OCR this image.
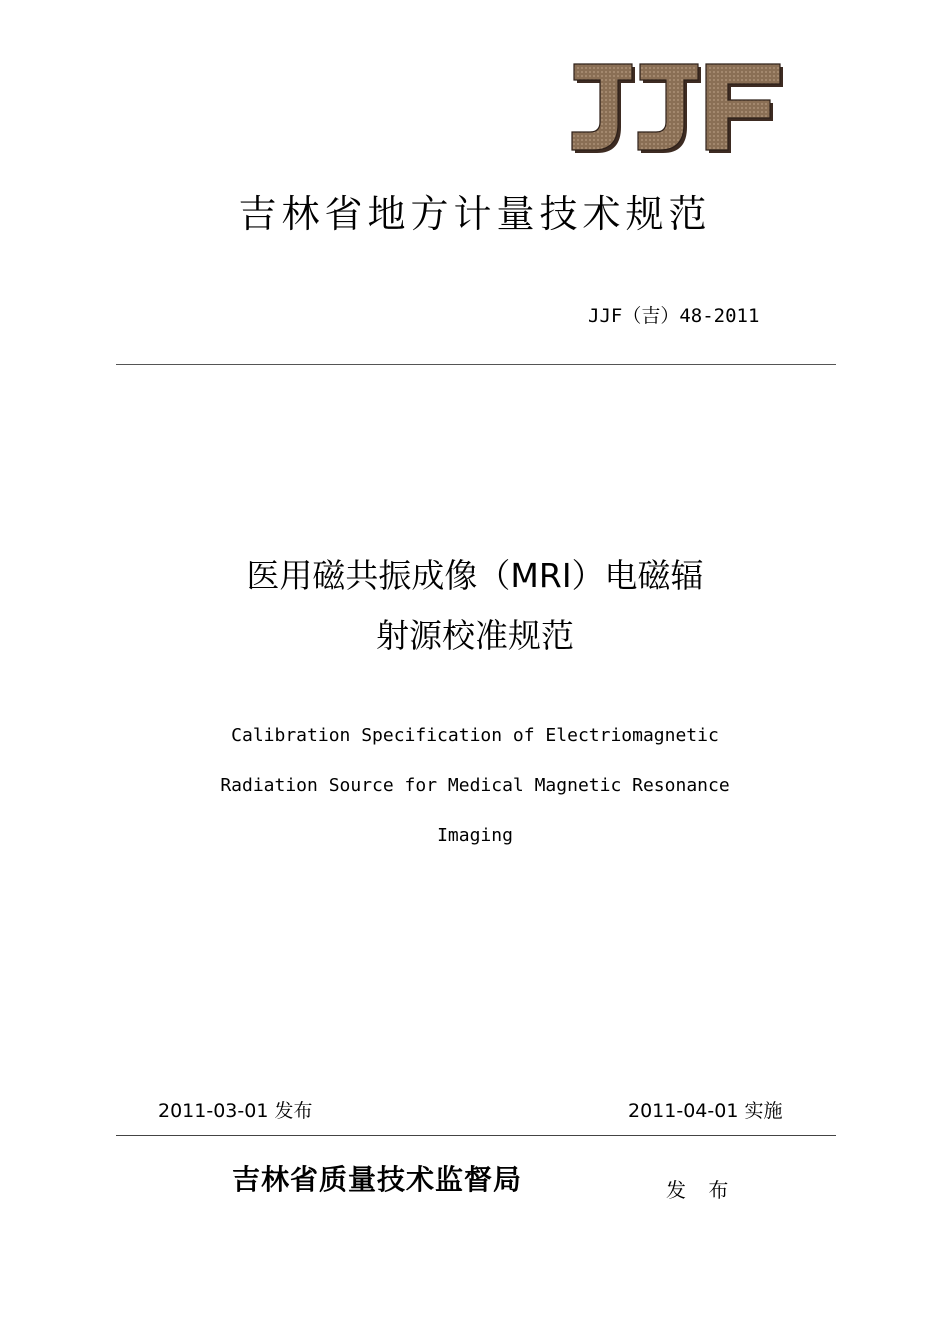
吉林省地方计量技术规范
JJF（吉）48-2011
医用磁共振成像（MRI）电磁辐
射源校准规范
Calibration Specification of Electriomagnetic
Radiation Source for Medical Magnetic Resonance
Imaging
2011-03-01 发布	2011-04-01 实施
吉林省质量技术监督局	发 布
